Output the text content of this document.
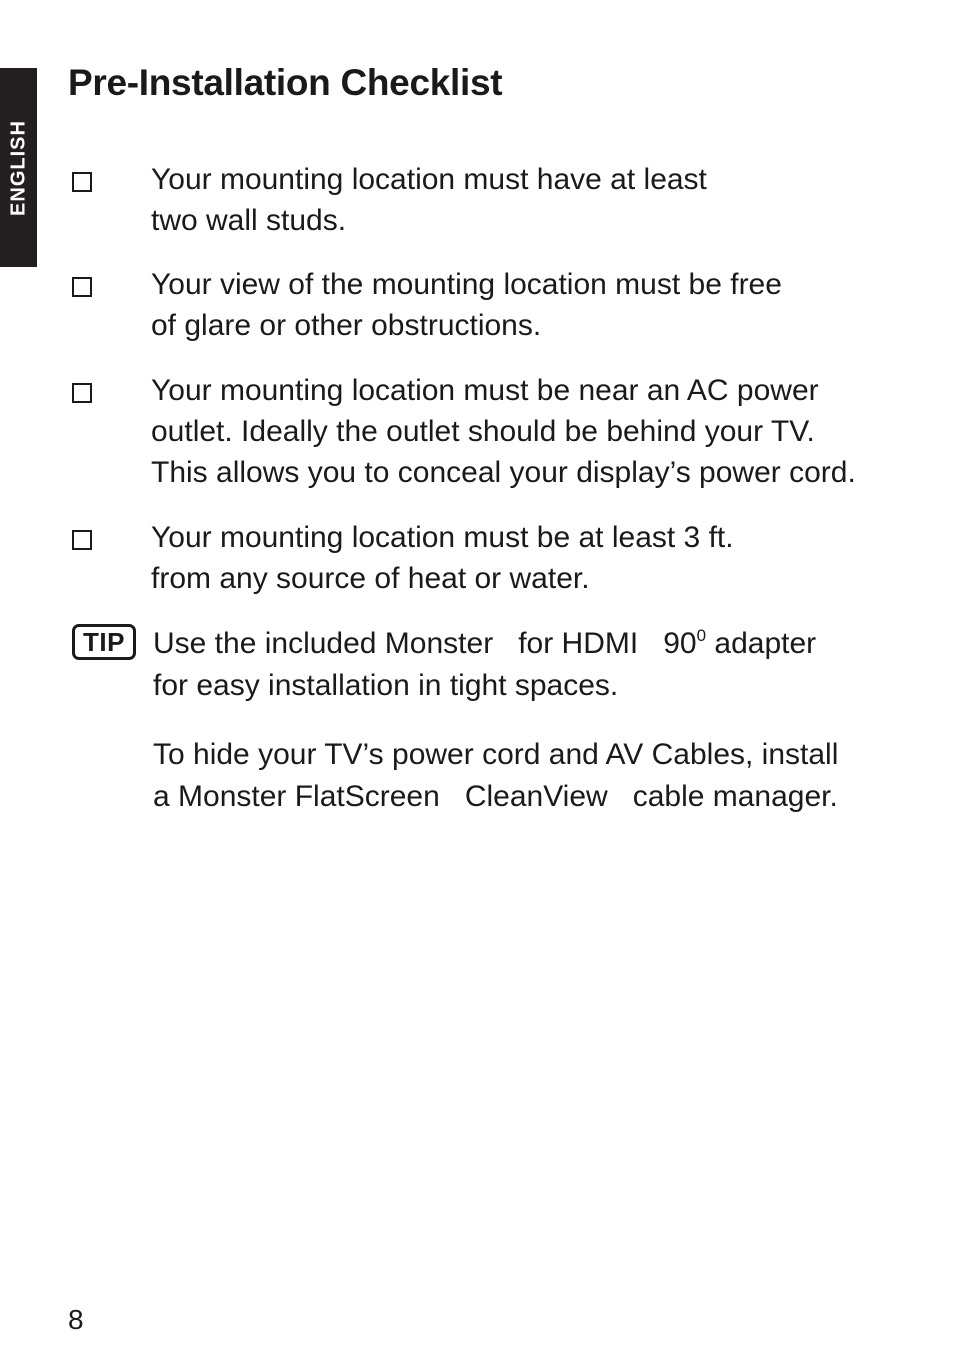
ENGLISH
Pre-Installation Checklist

Your mounting location must have at least
two wall studs.

Your view of the mounting location must be free
of glare or other obstructions.

Your mounting location must be near an AC power
outlet. Ideally the outlet should be behind your TV.
This allows you to conceal your display’s power cord.

Your mounting location must be at least 3 ft.
from any source of heat or water.

TIP Use the included Monster for HDMI $90^0$ adapter
for easy installation in tight spaces.

To hide your TV’s power cord and AV Cables, install
a Monster FlatScreen CleanView cable manager.

8
